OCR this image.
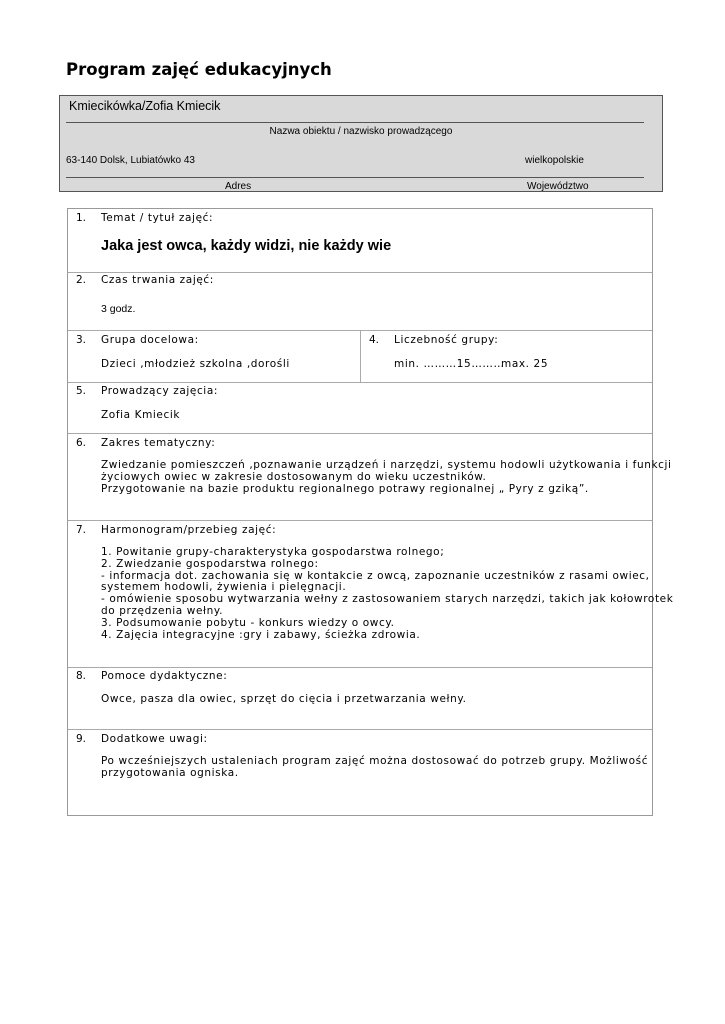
Program zajęć edukacyjnych
Kmiecikówka/Zofia Kmiecik
Nazwa obiektu / nazwisko prowadzącego
63-140 Dolsk, Lubiatówko 43	wielkopolskie
Adres	Województwo
1. Temat / tytuł zajęć:
Jaka jest owca, każdy widzi, nie każdy wie
2. Czas trwania zajęć:
3 godz.
3. Grupa docelowa:
Dzieci ,młodzież szkolna ,dorośli
4. Liczebność grupy:
min. ………15………
max. 25
5. Prowadzący zajęcia:
Zofia Kmiecik
6. Zakres tematyczny:
Zwiedzanie pomieszczeń ,poznawanie urządzeń i narzędzi, systemu hodowli użytkowania i funkcji
życiowych owiec w zakresie dostosowanym do wieku uczestników.
Przygotowanie na bazie produktu regionalnego potrawy regionalnej „ Pyry z gziką”.
7. Harmonogram/przebieg zajęć:
1. Powitanie grupy-charakterystyka gospodarstwa rolnego;
2. Zwiedzanie gospodarstwa rolnego:
- informacja dot. zachowania się w kontakcie z owcą, zapoznanie uczestników z rasami owiec,
systemem hodowli, żywienia i pielęgnacji.
- omówienie sposobu wytwarzania wełny z zastosowaniem starych narzędzi, takich jak kołowrotek
do przędzenia wełny.
3. Podsumowanie pobytu - konkurs wiedzy o owcy.
4. Zajęcia integracyjne :gry i zabawy, ścieżka zdrowia.
8. Pomoce dydaktyczne:
Owce, pasza dla owiec, sprzęt do cięcia i przetwarzania wełny.
9. Dodatkowe uwagi:
Po wcześniejszych ustaleniach program zajęć można dostosować do potrzeb grupy. Możliwość
przygotowania ogniska.
